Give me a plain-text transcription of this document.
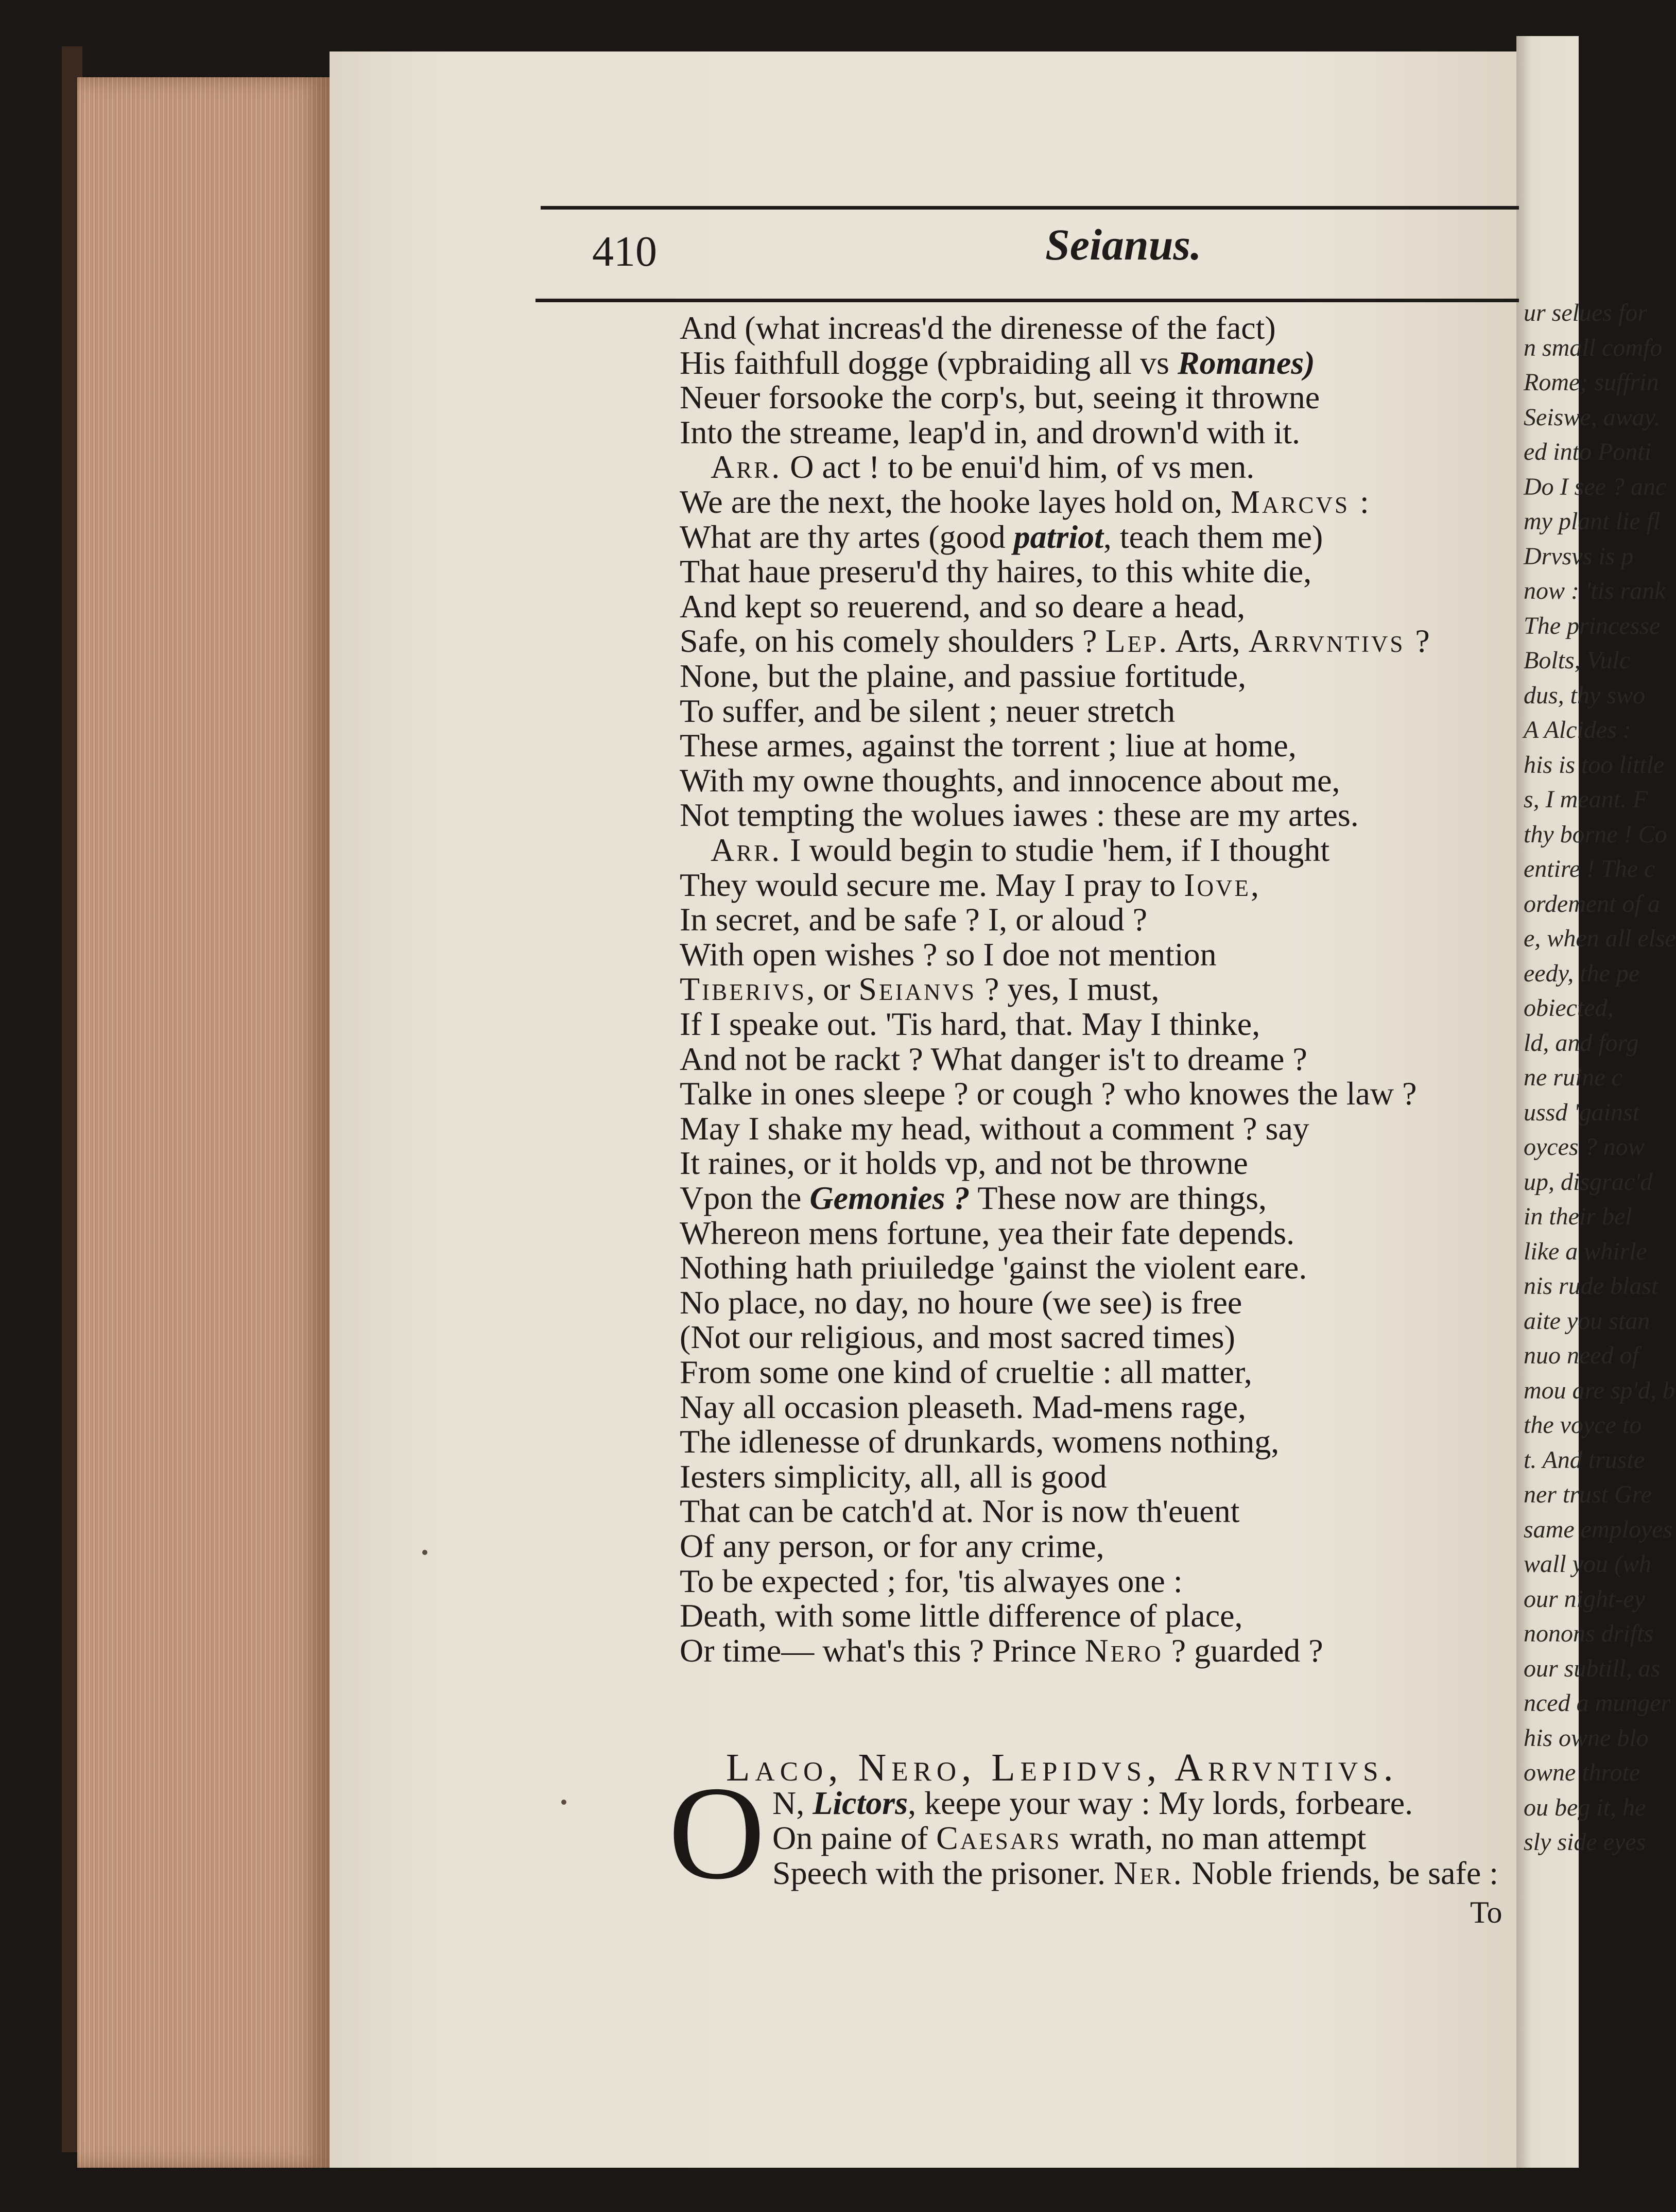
ur selues for
n small comfo
Rome; suffrin
Seiswe, away.
ed into Ponti
Do I see ? anc
my plant lie fl
Drvsvs is p
now : 'tis rank
The princesse
Bolts, Vulc
dus, thy swo
A Alcides :
his is too little
s, I meant. F
thy borne ! Co
entire ! The c
ordement of a
e, when all else
eedy, the pe
obiected,
ld, and forg
ne ruine c
ussd 'gainst
oyces ? now
up, disgrac'd
in their bel
like a whirle
nis rude blast
aite you stan
nuo need of
mou are sp'd, b
the voyce to
t. And truste
ner trust Gre
same employes
wall you (wh
our night-ey
nonons drifts
our subtill, as
nced a munger
his owne blo
owne throte
ou beg it, he
sly side eyes
410	Seianus.
And (what increas'd the direnesse of the fact)
His faithfull dogge (vpbraiding all vs Romanes)
Neuer forsooke the corp's, but, seeing it throwne
Into the streame, leap'd in, and drown'd with it.
Arr. O act ! to be enui'd him, of vs men.
We are the next, the hooke layes hold on, Marcvs :
What are thy artes (good patriot, teach them me)
That haue preseru'd thy haires, to this white die,
And kept so reuerend, and so deare a head,
Safe, on his comely shoulders ? Lep. Arts, Arrvntivs ?
None, but the plaine, and passiue fortitude,
To suffer, and be silent ; neuer stretch
These armes, against the torrent ; liue at home,
With my owne thoughts, and innocence about me,
Not tempting the wolues iawes : these are my artes.
Arr. I would begin to studie 'hem, if I thought
They would secure me. May I pray to Iove,
In secret, and be safe ? I, or aloud ?
With open wishes ? so I doe not mention
Tiberivs, or Seianvs ? yes, I must,
If I speake out. 'Tis hard, that. May I thinke,
And not be rackt ? What danger is't to dreame ?
Talke in ones sleepe ? or cough ? who knowes the law ?
May I shake my head, without a comment ? say
It raines, or it holds vp, and not be throwne
Vpon the Gemonies ? These now are things,
Whereon mens fortune, yea their fate depends.
Nothing hath priuiledge 'gainst the violent eare.
No place, no day, no houre (we see) is free
(Not our religious, and most sacred times)
From some one kind of crueltie : all matter,
Nay all occasion pleaseth. Mad-mens rage,
The idlenesse of drunkards, womens nothing,
Iesters simplicity, all, all is good
That can be catch'd at. Nor is now th'euent
Of any person, or for any crime,
To be expected ; for, 'tis alwayes one :
Death, with some little difference of place,
Or time— what's this ? Prince Nero ? guarded ?
Laco, Nero, Lepidvs, Arrvntivs.
O N, Lictors, keepe your way : My lords, forbeare.
On paine of Caesars wrath, no man attempt
Speech with the prisoner. Ner. Noble friends, be safe :
To
